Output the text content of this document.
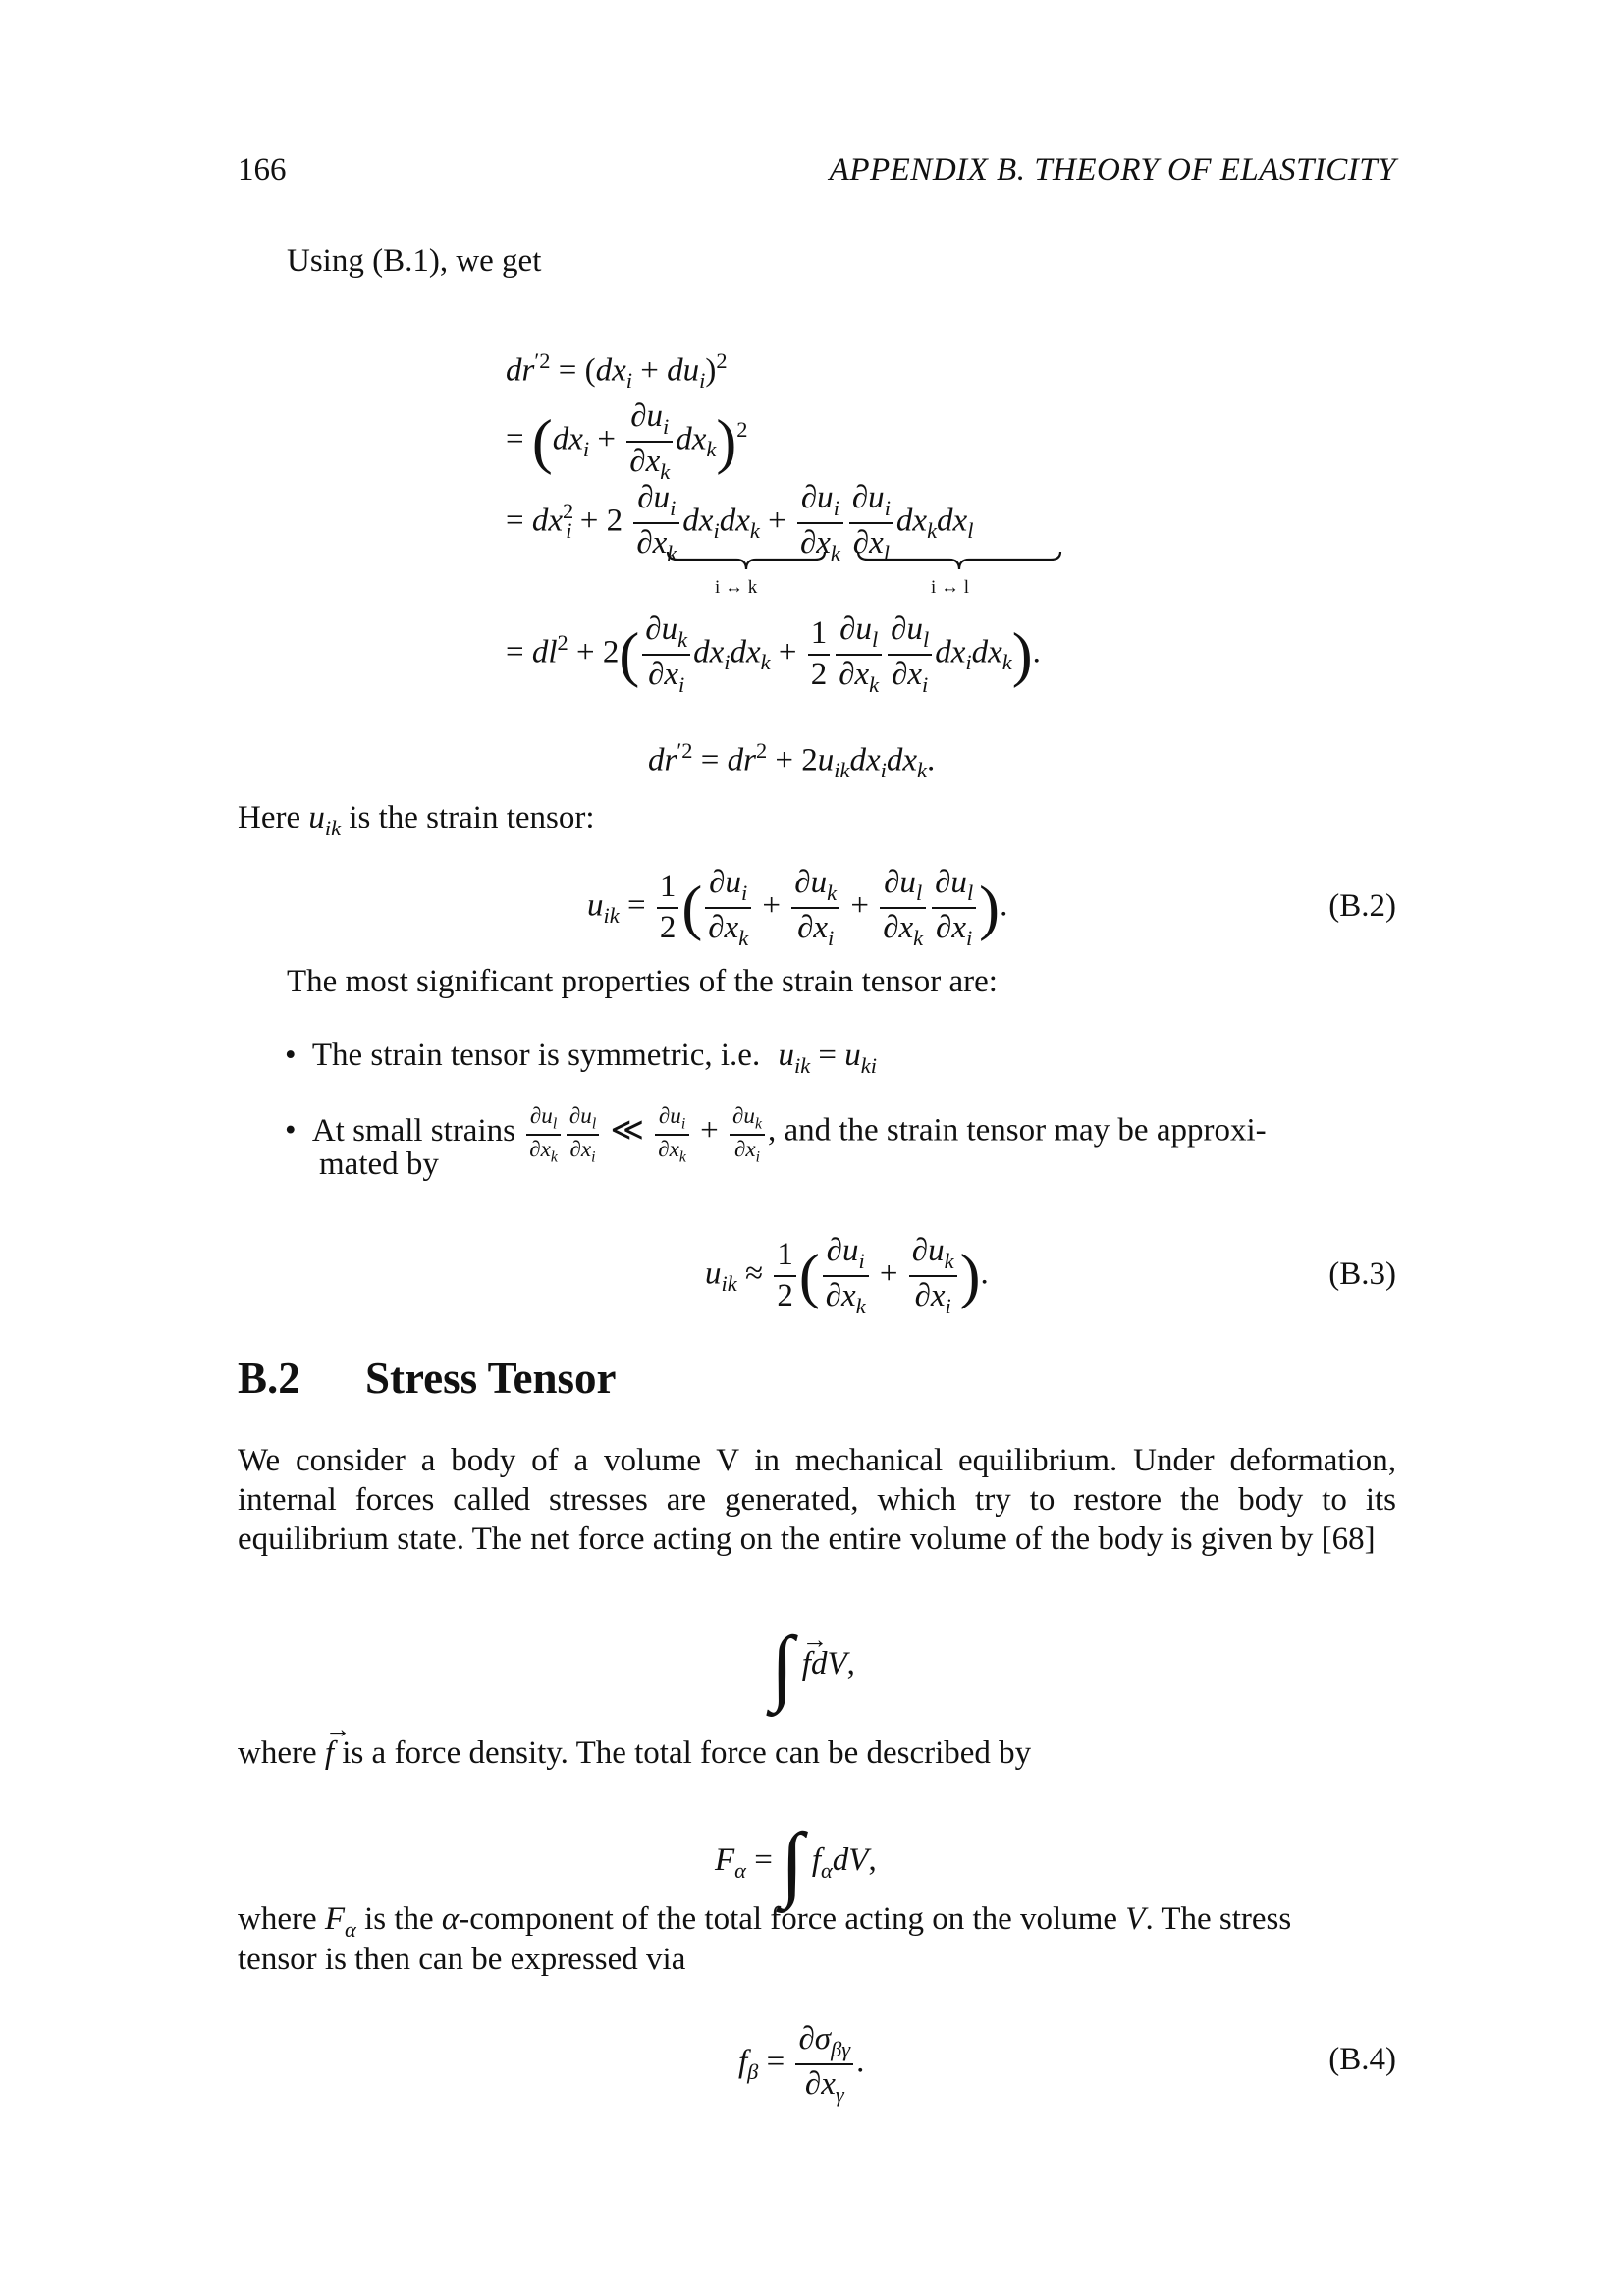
166	APPENDIX B. THEORY OF ELASTICITY
Using (B.1), we get
$dr^{'2} = (dx_i + du_i)^2$
= $(dx_i + \frac{\partial u_i}{\partial x_k} dx_k)^2$
= $dx^2_i + 2 \frac{\partial u_i}{\partial x_k} dx_idx_k + \frac{\partial u_i}{\partial x_k} \frac{\partial u_i}{\partial x_l} dx_kdx_l$
i ↔ k	i ↔ l
= $dl^2 + 2( \frac{\partial u_k}{\partial x_i} dx_idx_k + \frac{1}{2} \frac{\partial u_l}{\partial x_k} \frac{\partial u_l}{\partial x_i} dx_idx_k)$.
$dr^{'2} = dr^2 + 2u_{ik}dx_idx_k$.
Here $u_{ik}$ is the strain tensor:
$u_{ik} = \frac{1}{2}$ ( $\frac{\partial u_i}{\partial x_k} + \frac{\partial u_k}{\partial x_i} + \frac{\partial u_l}{\partial x_k} \frac{\partial u_l}{\partial x_i}$ ).	(B.2)
The most significant properties of the strain tensor are:
• The strain tensor is symmetric, i.e. $u_{ik} = u_{ki}$
• At small strains $\frac{\partial u_l}{\partial x_k} \frac{\partial u_l}{\partial x_i}$ ≪ $\frac{\partial u_i}{\partial x_k} + \frac{\partial u_k}{\partial x_i}$ , and the strain tensor may be approxi-
mated by
$u_{ik} \approx \frac{1}{2}$ ( $\frac{\partial u_i}{\partial x_k} + \frac{\partial u_k}{\partial x_i}$ ).	(B.3)
B.2 Stress Tensor
We consider a body of a volume V in mechanical equilibrium. Under deformation, internal forces called stresses are generated, which try to restore the body to its equilibrium state. The net force acting on the entire volume of the body is given by [68]
∫ →
fdV,
where
→
f is a force density. The total force can be described by
$F_\alpha$ = ∫ $f_\alpha dV$,
where $F_\alpha$ is the α-component of the total force acting on the volume V. The stress
tensor is then can be expressed via
$f_\beta = \frac{\partial\sigma_{\beta\gamma}}{\partial x_\gamma}$ .	(B.4)
